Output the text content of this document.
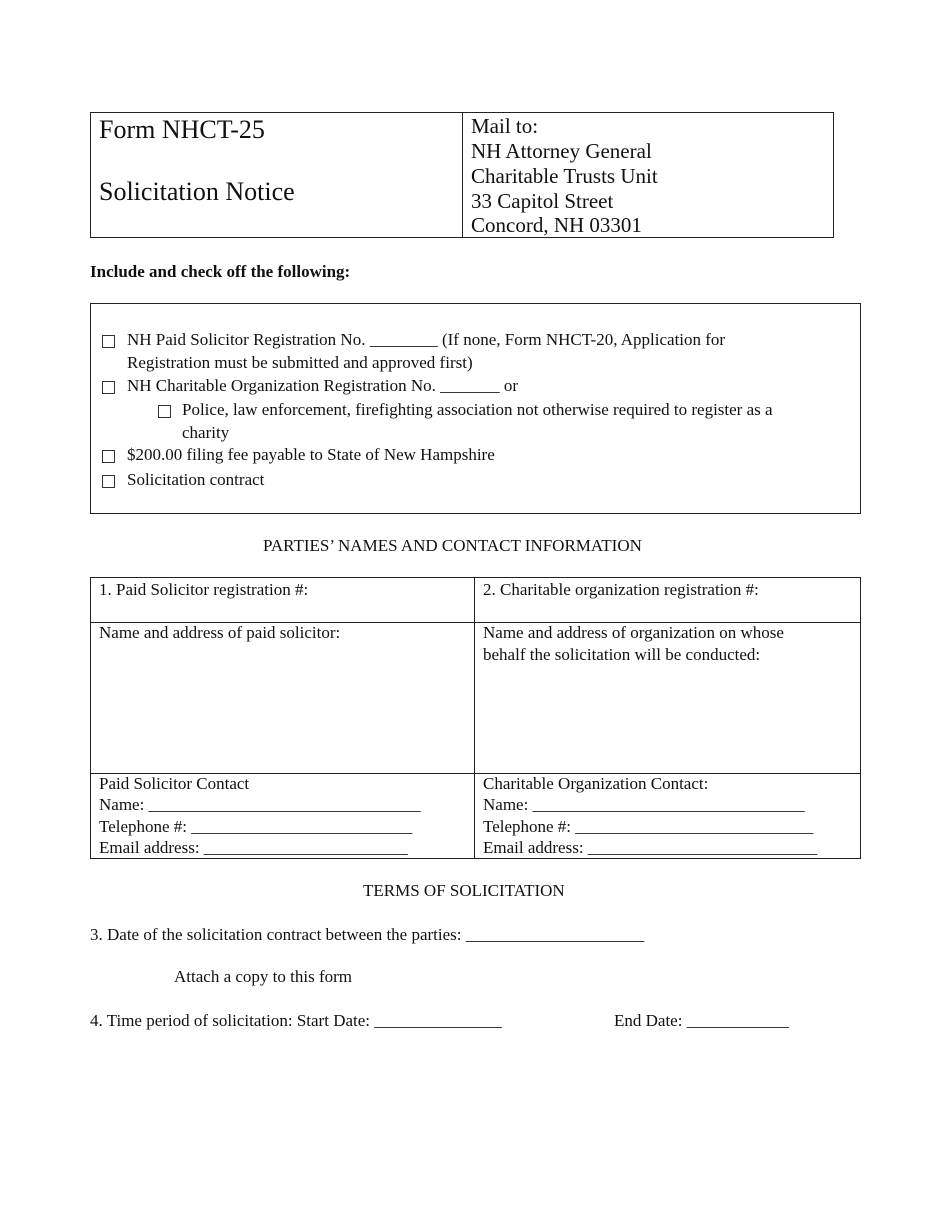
Form NHCT-25
Solicitation Notice
Mail to:
NH Attorney General
Charitable Trusts Unit
33 Capitol Street
Concord, NH 03301
Include and check off the following:
NH Paid Solicitor Registration No. ________ (If none, Form NHCT-20, Application for
Registration must be submitted and approved first)
NH Charitable Organization Registration No. _______ or
Police, law enforcement, firefighting association not otherwise required to register as a
charity
$200.00 filing fee payable to State of New Hampshire
Solicitation contract
PARTIES’ NAMES AND CONTACT INFORMATION
1. Paid Solicitor registration #:	2. Charitable organization registration #:
Name and address of paid solicitor:	Name and address of organization on whose
behalf the solicitation will be conducted:
Paid Solicitor Contact
Name: ________________________________
Telephone #: __________________________
Email address: ________________________
Charitable Organization Contact:
Name: ________________________________
Telephone #: ____________________________
Email address: ___________________________
TERMS OF SOLICITATION
3. Date of the solicitation contract between the parties: _____________________
Attach a copy to this form
4. Time period of solicitation: Start Date: _______________	End Date: ____________
